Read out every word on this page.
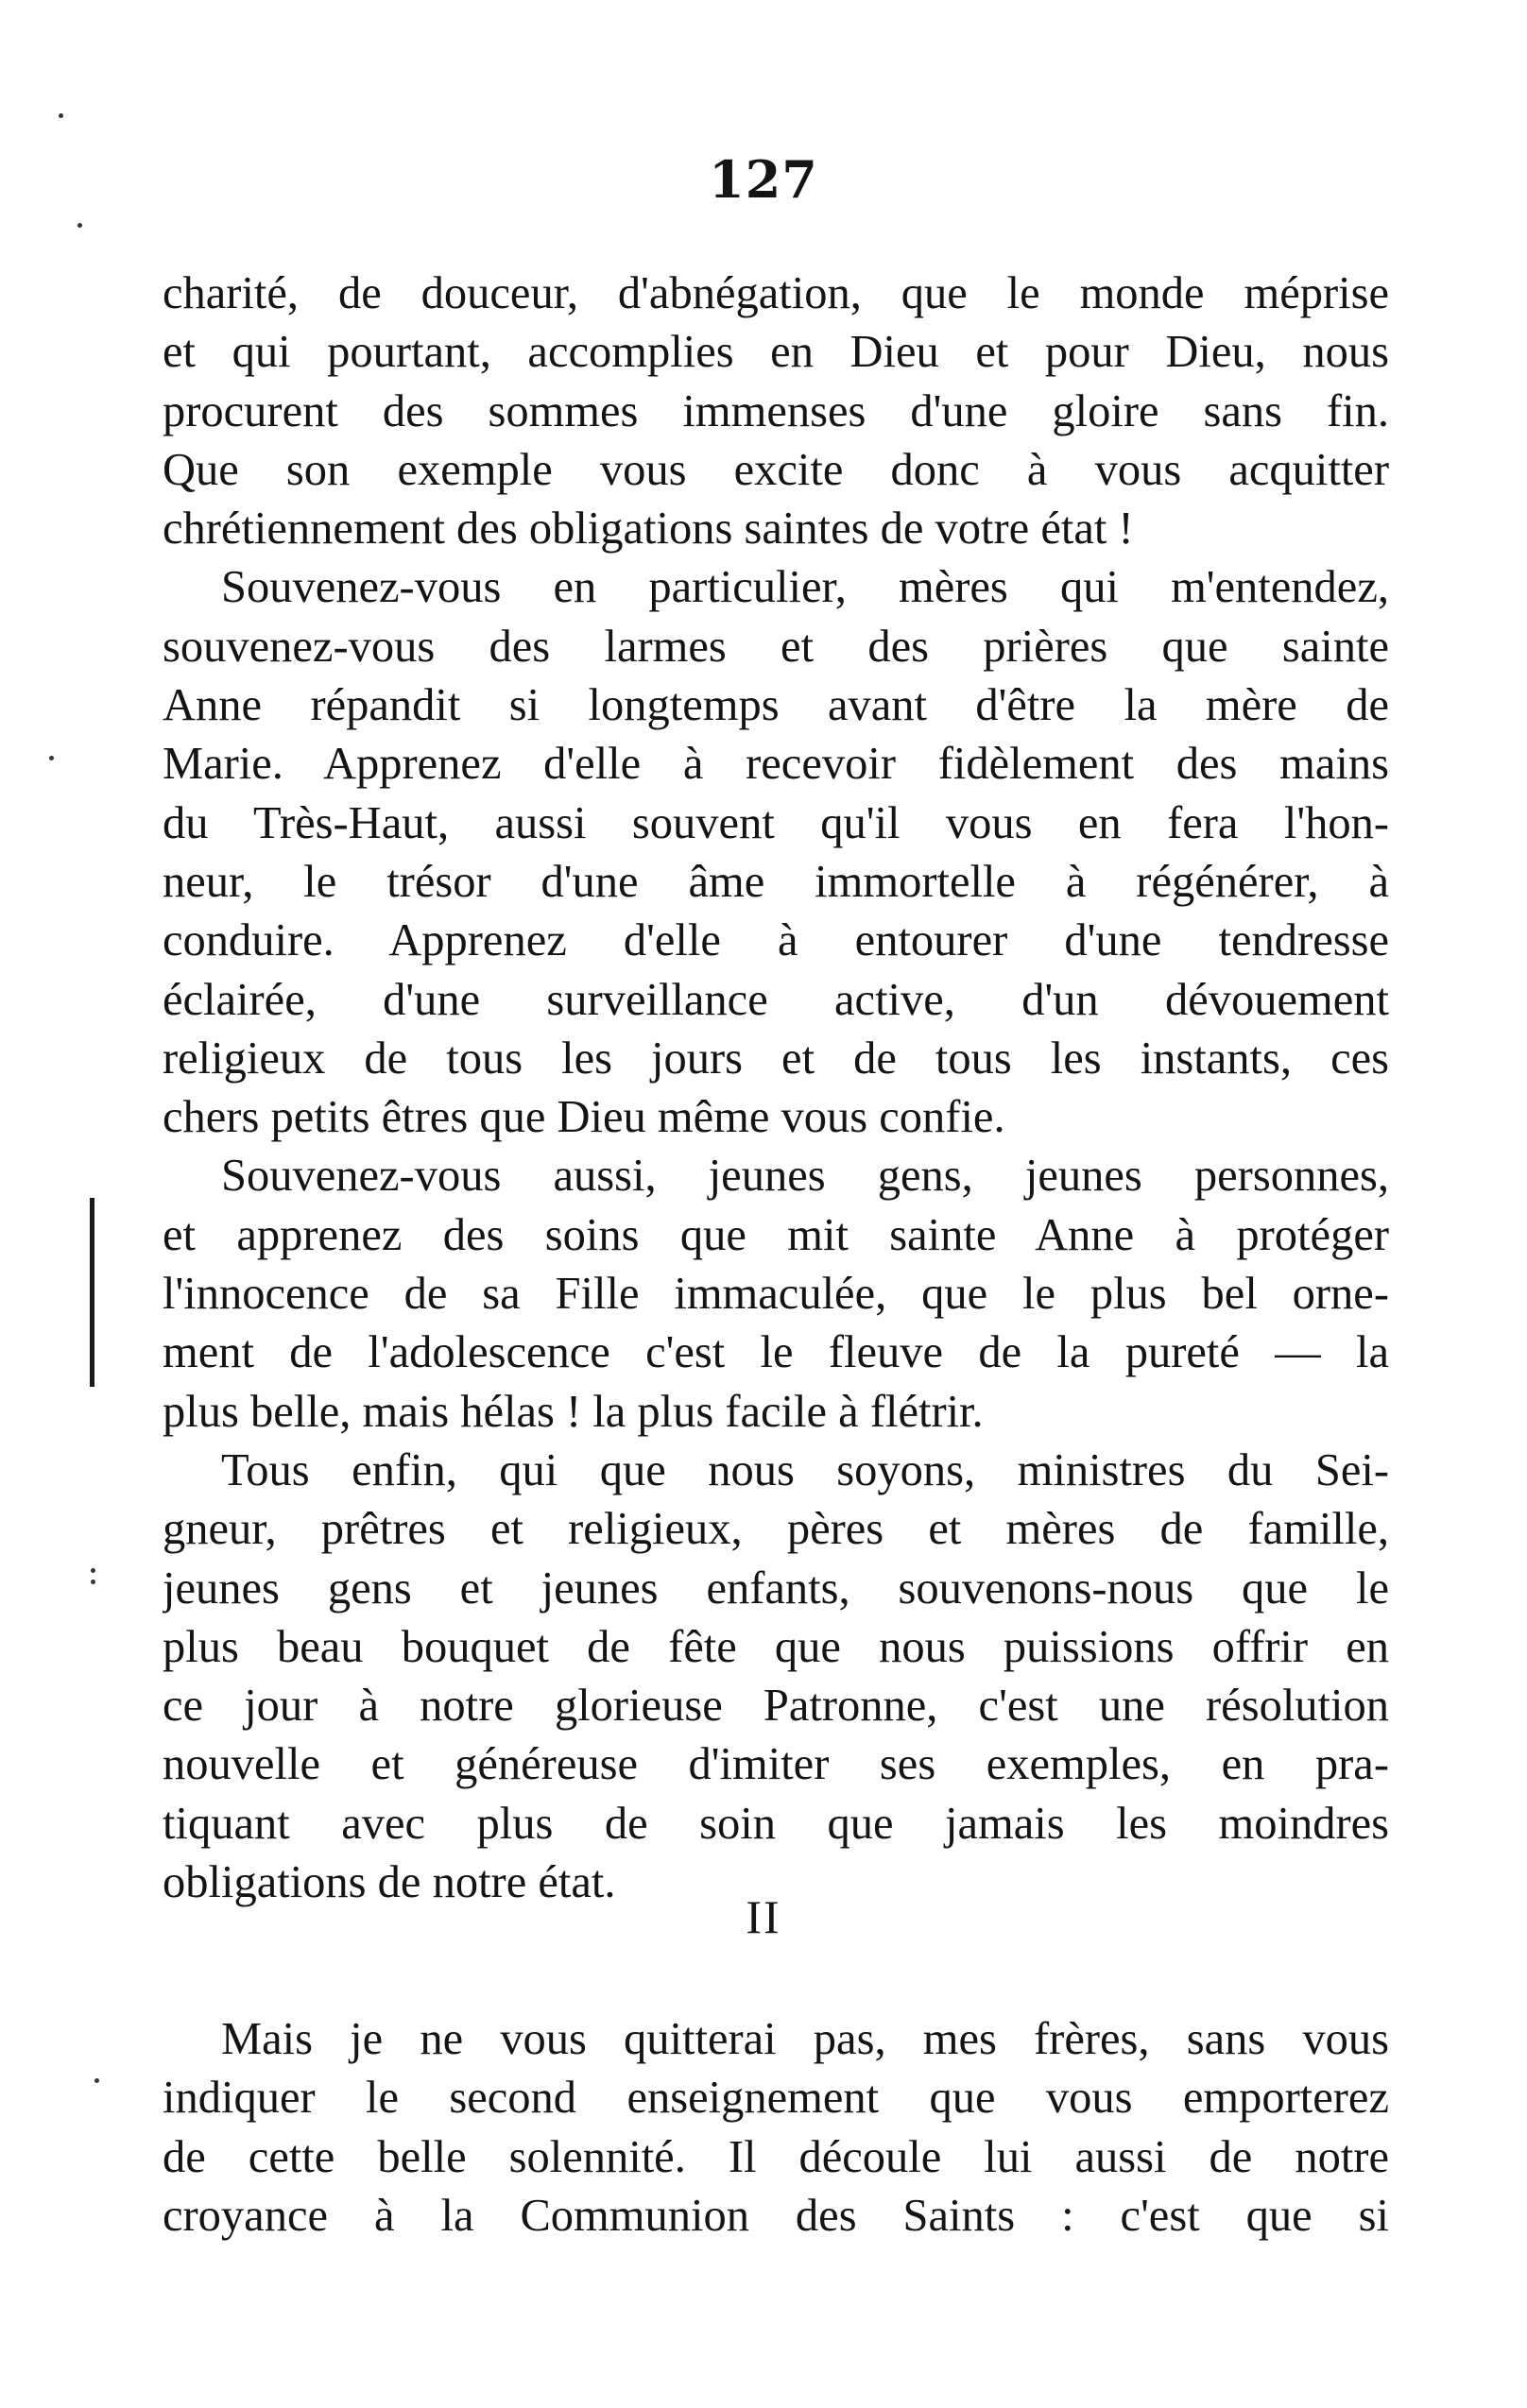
127

charité, de douceur, d'abnégation, que le monde méprise
et qui pourtant, accomplies en Dieu et pour Dieu, nous
procurent des sommes immenses d'une gloire sans fin.
Que son exemple vous excite donc à vous acquitter
chrétiennement des obligations saintes de votre état !

Souvenez-vous en particulier, mères qui m'entendez,
souvenez-vous des larmes et des prières que sainte
Anne répandit si longtemps avant d'être la mère de
Marie. Apprenez d'elle à recevoir fidèlement des mains
du Très-Haut, aussi souvent qu'il vous en fera l'hon-
neur, le trésor d'une âme immortelle à régénérer, à
conduire. Apprenez d'elle à entourer d'une tendresse
éclairée, d'une surveillance active, d'un dévouement
religieux de tous les jours et de tous les instants, ces
chers petits êtres que Dieu même vous confie.

Souvenez-vous aussi, jeunes gens, jeunes personnes,
et apprenez des soins que mit sainte Anne à protéger
l'innocence de sa Fille immaculée, que le plus bel orne-
ment de l'adolescence c'est le fleuve de la pureté — la
plus belle, mais hélas ! la plus facile à flétrir.

Tous enfin, qui que nous soyons, ministres du Sei-
gneur, prêtres et religieux, pères et mères de famille,
jeunes gens et jeunes enfants, souvenons-nous que le
plus beau bouquet de fête que nous puissions offrir en
ce jour à notre glorieuse Patronne, c'est une résolution
nouvelle et généreuse d'imiter ses exemples, en pra-
tiquant avec plus de soin que jamais les moindres
obligations de notre état.

II

Mais je ne vous quitterai pas, mes frères, sans vous
indiquer le second enseignement que vous emporterez
de cette belle solennité. Il découle lui aussi de notre
croyance à la Communion des Saints : c'est que si
